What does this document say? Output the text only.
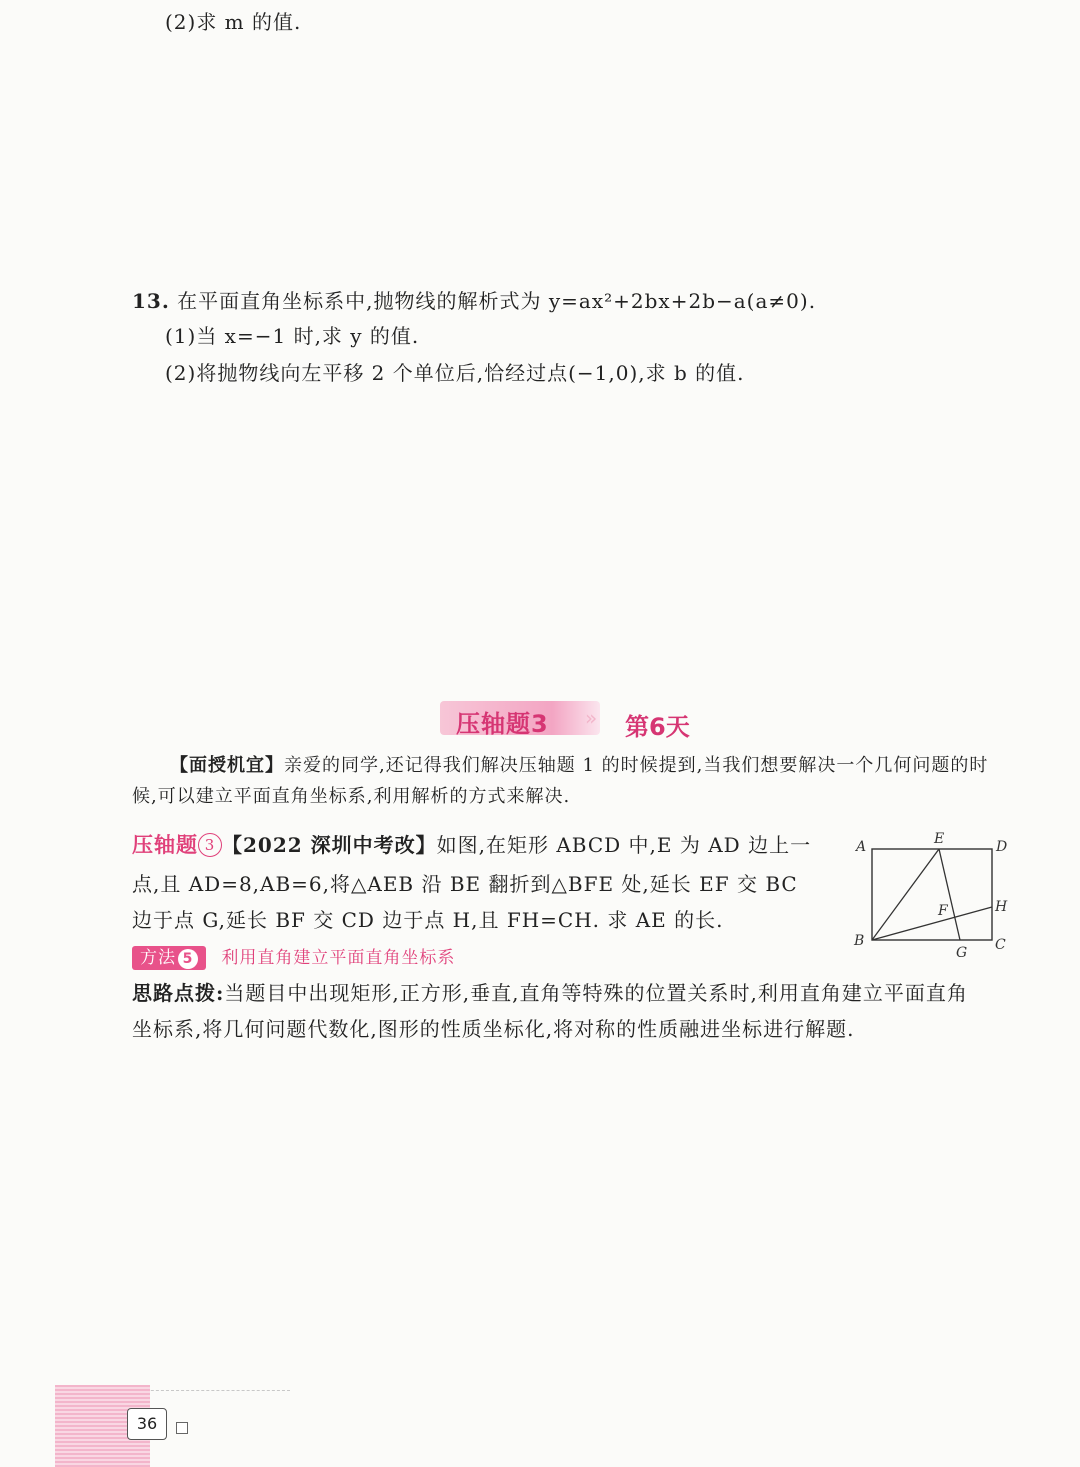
(2)求 m 的值.
13. 在平面直角坐标系中,抛物线的解析式为 y=ax²+2bx+2b−a(a≠0).
(1)当 x=−1 时,求 y 的值.
(2)将抛物线向左平移 2 个单位后,恰经过点(−1,0),求 b 的值.
压轴题3 » 第6天
【面授机宜】亲爱的同学,还记得我们解决压轴题 1 的时候提到,当我们想要解决一个几何问题的时
候,可以建立平面直角坐标系,利用解析的方式来解决.
压轴题 3 【2022 深圳中考改】如图,在矩形 ABCD 中,E 为 AD 边上一
点,且 AD=8,AB=6,将△AEB 沿 BE 翻折到△BFE 处,延长 EF 交 BC
边于点 G,延长 BF 交 CD 边于点 H,且 FH=CH. 求 AE 的长.
方法 5 利用直角建立平面直角坐标系
思路点拨:当题目中出现矩形,正方形,垂直,直角等特殊的位置关系时,利用直角建立平面直角
坐标系,将几何问题代数化,图形的性质坐标化,将对称的性质融进坐标进行解题.
A	E	D
H
F
B
G C
36
